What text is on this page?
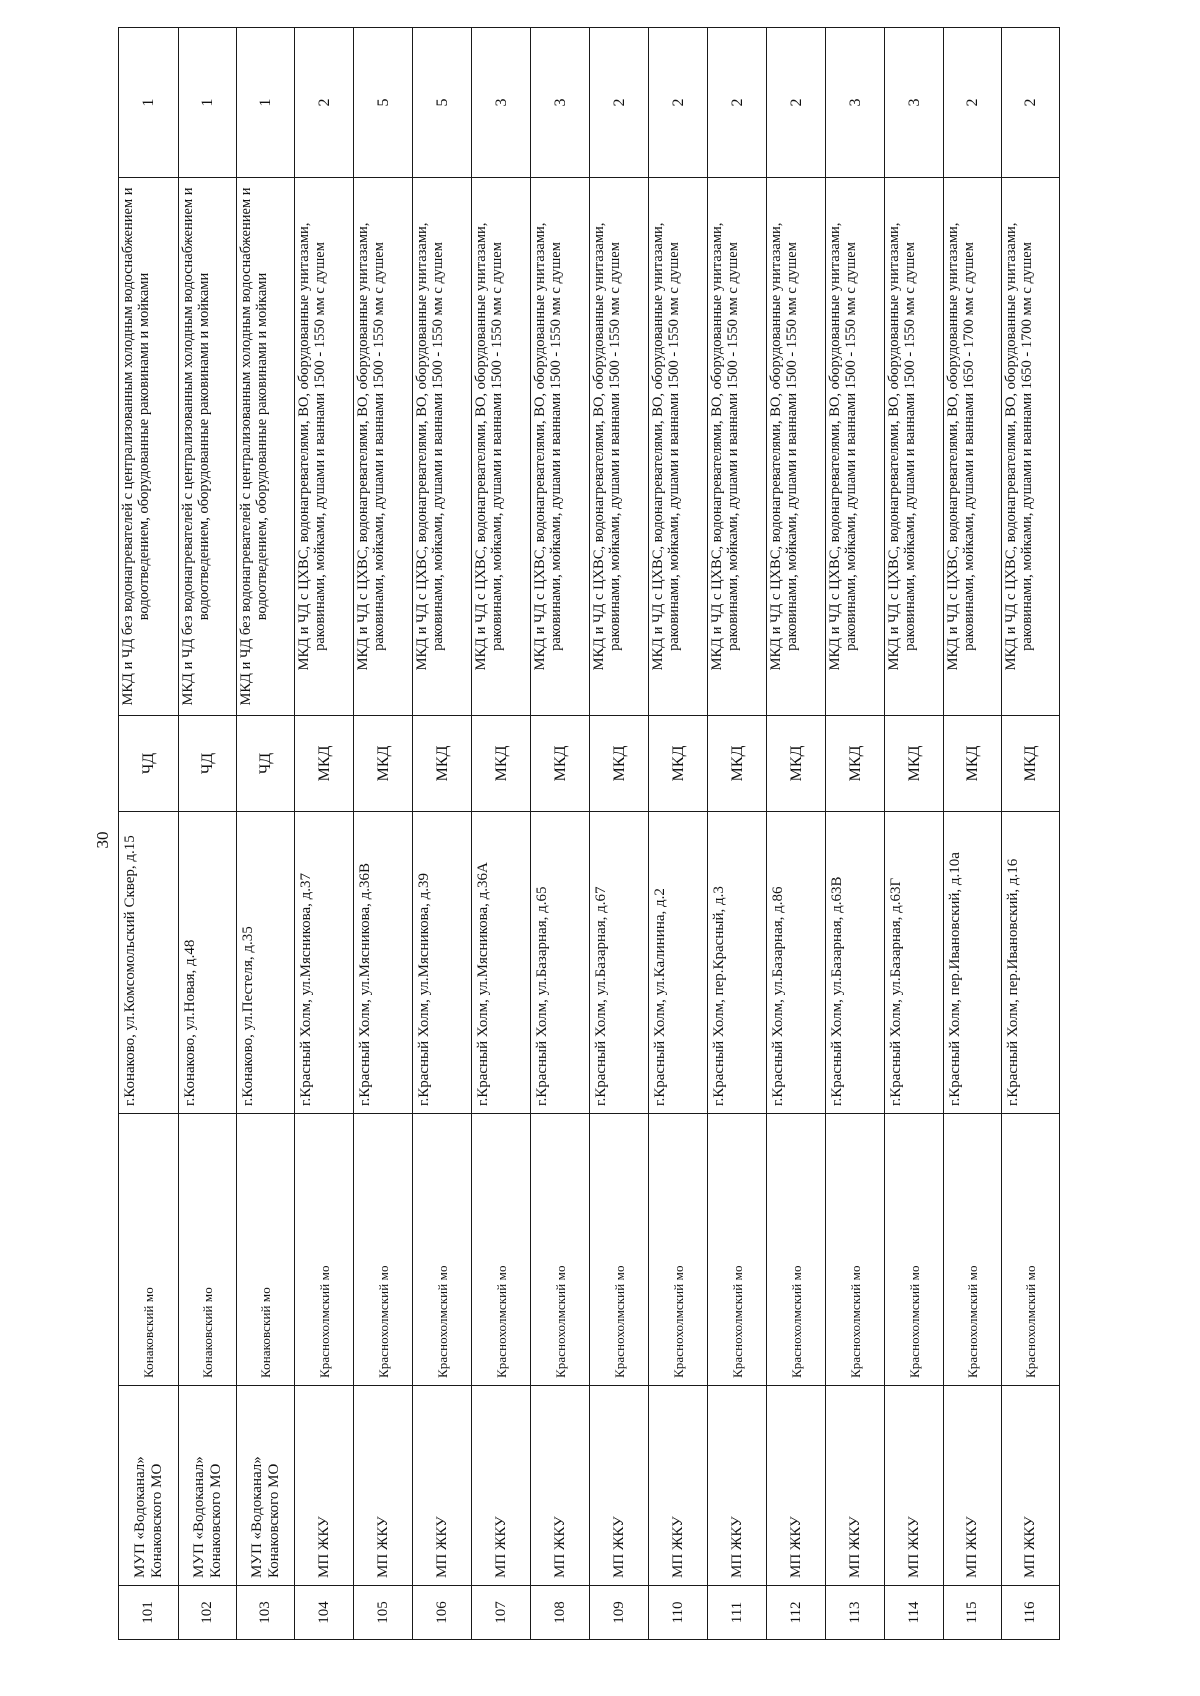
30
101	МУП «Водоканал» Конаковского МО	Конаковский мо	г.Конаково, ул.Комсомольский Сквер, д.15	ЧД	МКД и ЧД без водонагревателей с централизованным холодным водоснабжением и водоотведением, оборудованные раковинами и мойками	1
102	МУП «Водоканал» Конаковского МО	Конаковский мо	г.Конаково, ул.Новая, д.48	ЧД	МКД и ЧД без водонагревателей с централизованным холодным водоснабжением и водоотведением, оборудованные раковинами и мойками	1
103	МУП «Водоканал» Конаковского МО	Конаковский мо	г.Конаково, ул.Пестеля, д.35	ЧД	МКД и ЧД без водонагревателей с централизованным холодным водоснабжением и водоотведением, оборудованные раковинами и мойками	1
104	МП ЖКУ	Краснохолмский мо	г.Красный Холм, ул.Мясникова, д.37	МКД	МКД и ЧД с ЦХВС, водонагревателями, ВО, оборудованные унитазами, раковинами, мойками, душами и ваннами 1500 - 1550 мм с душем	2
105	МП ЖКУ	Краснохолмский мо	г.Красный Холм, ул.Мясникова, д.36В	МКД	МКД и ЧД с ЦХВС, водонагревателями, ВО, оборудованные унитазами, раковинами, мойками, душами и ваннами 1500 - 1550 мм с душем	5
106	МП ЖКУ	Краснохолмский мо	г.Красный Холм, ул.Мясникова, д.39	МКД	МКД и ЧД с ЦХВС, водонагревателями, ВО, оборудованные унитазами, раковинами, мойками, душами и ваннами 1500 - 1550 мм с душем	5
107	МП ЖКУ	Краснохолмский мо	г.Красный Холм, ул.Мясникова, д.36А	МКД	МКД и ЧД с ЦХВС, водонагревателями, ВО, оборудованные унитазами, раковинами, мойками, душами и ваннами 1500 - 1550 мм с душем	3
108	МП ЖКУ	Краснохолмский мо	г.Красный Холм, ул.Базарная, д.65	МКД	МКД и ЧД с ЦХВС, водонагревателями, ВО, оборудованные унитазами, раковинами, мойками, душами и ваннами 1500 - 1550 мм с душем	3
109	МП ЖКУ	Краснохолмский мо	г.Красный Холм, ул.Базарная, д.67	МКД	МКД и ЧД с ЦХВС, водонагревателями, ВО, оборудованные унитазами, раковинами, мойками, душами и ваннами 1500 - 1550 мм с душем	2
110	МП ЖКУ	Краснохолмский мо	г.Красный Холм, ул.Калинина, д.2	МКД	МКД и ЧД с ЦХВС, водонагревателями, ВО, оборудованные унитазами, раковинами, мойками, душами и ваннами 1500 - 1550 мм с душем	2
111	МП ЖКУ	Краснохолмский мо	г.Красный Холм, пер.Красный, д.3	МКД	МКД и ЧД с ЦХВС, водонагревателями, ВО, оборудованные унитазами, раковинами, мойками, душами и ваннами 1500 - 1550 мм с душем	2
112	МП ЖКУ	Краснохолмский мо	г.Красный Холм, ул.Базарная, д.86	МКД	МКД и ЧД с ЦХВС, водонагревателями, ВО, оборудованные унитазами, раковинами, мойками, душами и ваннами 1500 - 1550 мм с душем	2
113	МП ЖКУ	Краснохолмский мо	г.Красный Холм, ул.Базарная, д.63В	МКД	МКД и ЧД с ЦХВС, водонагревателями, ВО, оборудованные унитазами, раковинами, мойками, душами и ваннами 1500 - 1550 мм с душем	3
114	МП ЖКУ	Краснохолмский мо	г.Красный Холм, ул.Базарная, д.63Г	МКД	МКД и ЧД с ЦХВС, водонагревателями, ВО, оборудованные унитазами, раковинами, мойками, душами и ваннами 1500 - 1550 мм с душем	3
115	МП ЖКУ	Краснохолмский мо	г.Красный Холм, пер.Ивановский, д.10а	МКД	МКД и ЧД с ЦХВС, водонагревателями, ВО, оборудованные унитазами, раковинами, мойками, душами и ваннами 1650 - 1700 мм с душем	2
116	МП ЖКУ	Краснохолмский мо	г.Красный Холм, пер.Ивановский, д.16	МКД	МКД и ЧД с ЦХВС, водонагревателями, ВО, оборудованные унитазами, раковинами, мойками, душами и ваннами 1650 - 1700 мм с душем	2
